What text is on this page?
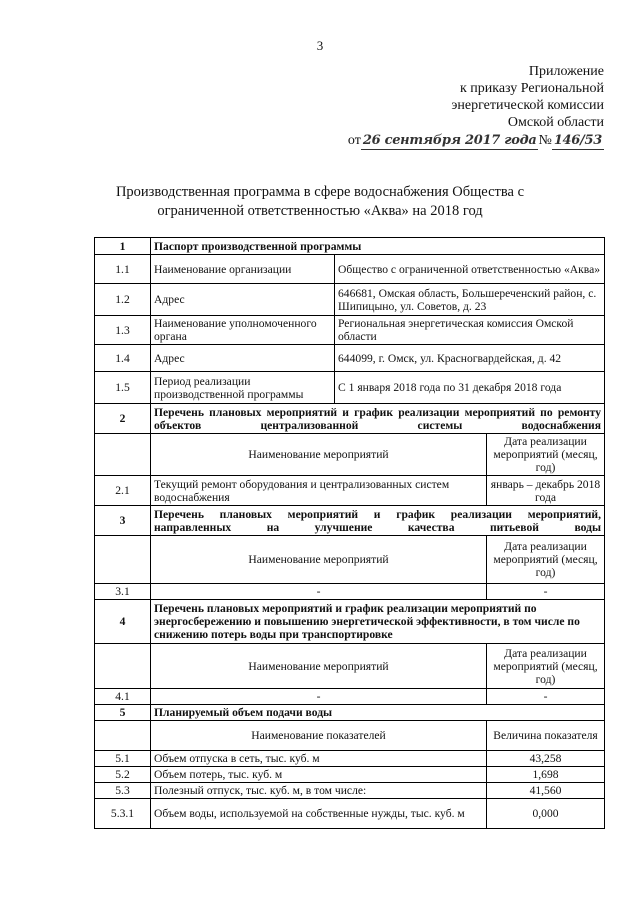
3
Приложение
к приказу Региональной
энергетической комиссии
Омской области
от 26 сентября 2017 года № 146/53
Производственная программа в сфере водоснабжения Общества с ограниченной ответственностью «Аква» на 2018 год
1	Паспорт производственной программы		
1.1	Наименование организации	Общество с ограниченной ответственностью «Аква»	
1.2	Адрес	646681, Омская область, Большереченский район, с. Шипицыно, ул. Советов, д. 23	
1.3	Наименование уполномоченного органа	Региональная энергетическая комиссия Омской области	
1.4	Адрес	644099, г. Омск, ул. Красногвардейская, д. 42	
1.5	Период реализации производственной программы	С 1 января 2018 года по 31 декабря 2018 года	
2	Перечень плановых мероприятий и график реализации мероприятий по ремонту объектов централизованной системы водоснабжения		
	Наименование мероприятий		Дата реализации мероприятий (месяц, год)
2.1	Текущий ремонт оборудования и централизованных систем водоснабжения		январь – декабрь 2018 года
3	Перечень плановых мероприятий и график реализации мероприятий, направленных на улучшение качества питьевой воды		
	Наименование мероприятий		Дата реализации мероприятий (месяц, год)
3.1	-		-
4	Перечень плановых мероприятий и график реализации мероприятий по энергосбережению и повышению энергетической эффективности, в том числе по снижению потерь воды при транспортировке		
	Наименование мероприятий		Дата реализации мероприятий (месяц, год)
4.1	-		-
5	Планируемый объем подачи воды		
	Наименование показателей		Величина показателя
5.1	Объем отпуска в сеть, тыс. куб. м		43,258
5.2	Объем потерь, тыс. куб. м		1,698
5.3	Полезный отпуск, тыс. куб. м, в том числе:		41,560
5.3.1	Объем воды, используемой на собственные нужды, тыс. куб. м		0,000
